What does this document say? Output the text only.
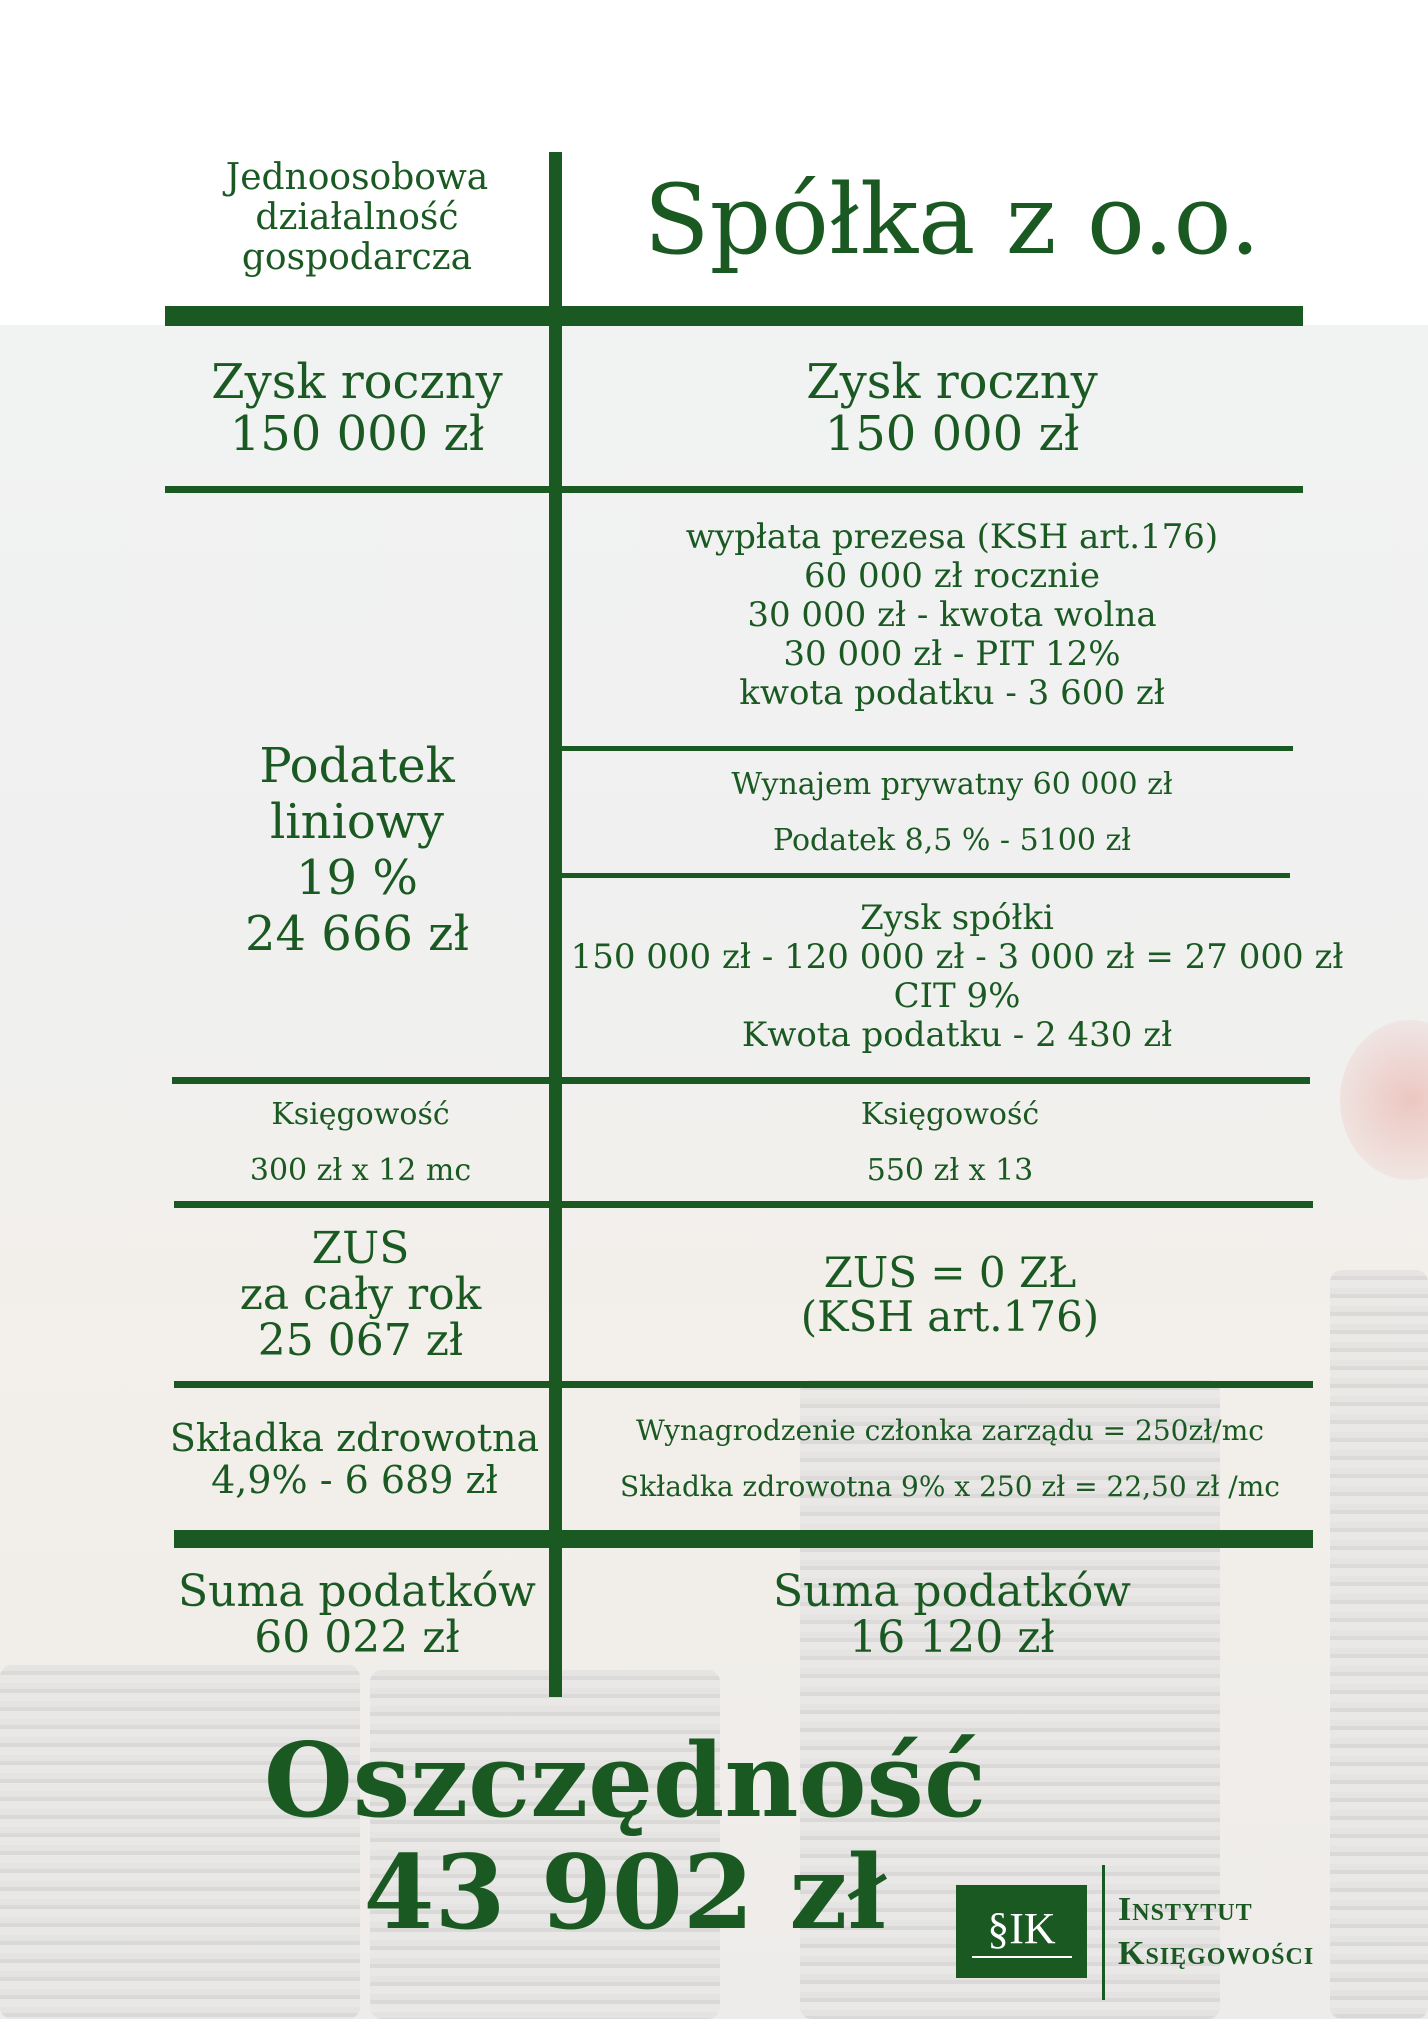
Jednoosobowa
działalność
gospodarcza Spółka z o.o.
Zysk roczny
150 000 zł
Zysk roczny
150 000 zł
Podatek
liniowy
19 %
24 666 zł
wypłata prezesa (KSH art.176)
60 000 zł rocznie
30 000 zł - kwota wolna
30 000 zł - PIT 12%
kwota podatku - 3 600 zł
Wynajem prywatny 60 000 zł
Podatek 8,5 % - 5100 zł
Zysk spółki
150 000 zł - 120 000 zł - 3 000 zł = 27 000 zł
CIT 9%
Kwota podatku - 2 430 zł
Księgowość
300 zł x 12 mc
Księgowość
550 zł x 13
ZUS
za cały rok
25 067 zł
ZUS = 0 ZŁ
(KSH art.176)
Składka zdrowotna
4,9% - 6 689 zł
Wynagrodzenie członka zarządu = 250zł/mc
Składka zdrowotna 9% x 250 zł = 22,50 zł /mc
Suma podatków
60 022 zł
Suma podatków
16 120 zł
Oszczędność
43 902 zł §IK Instytut
Księgowości
